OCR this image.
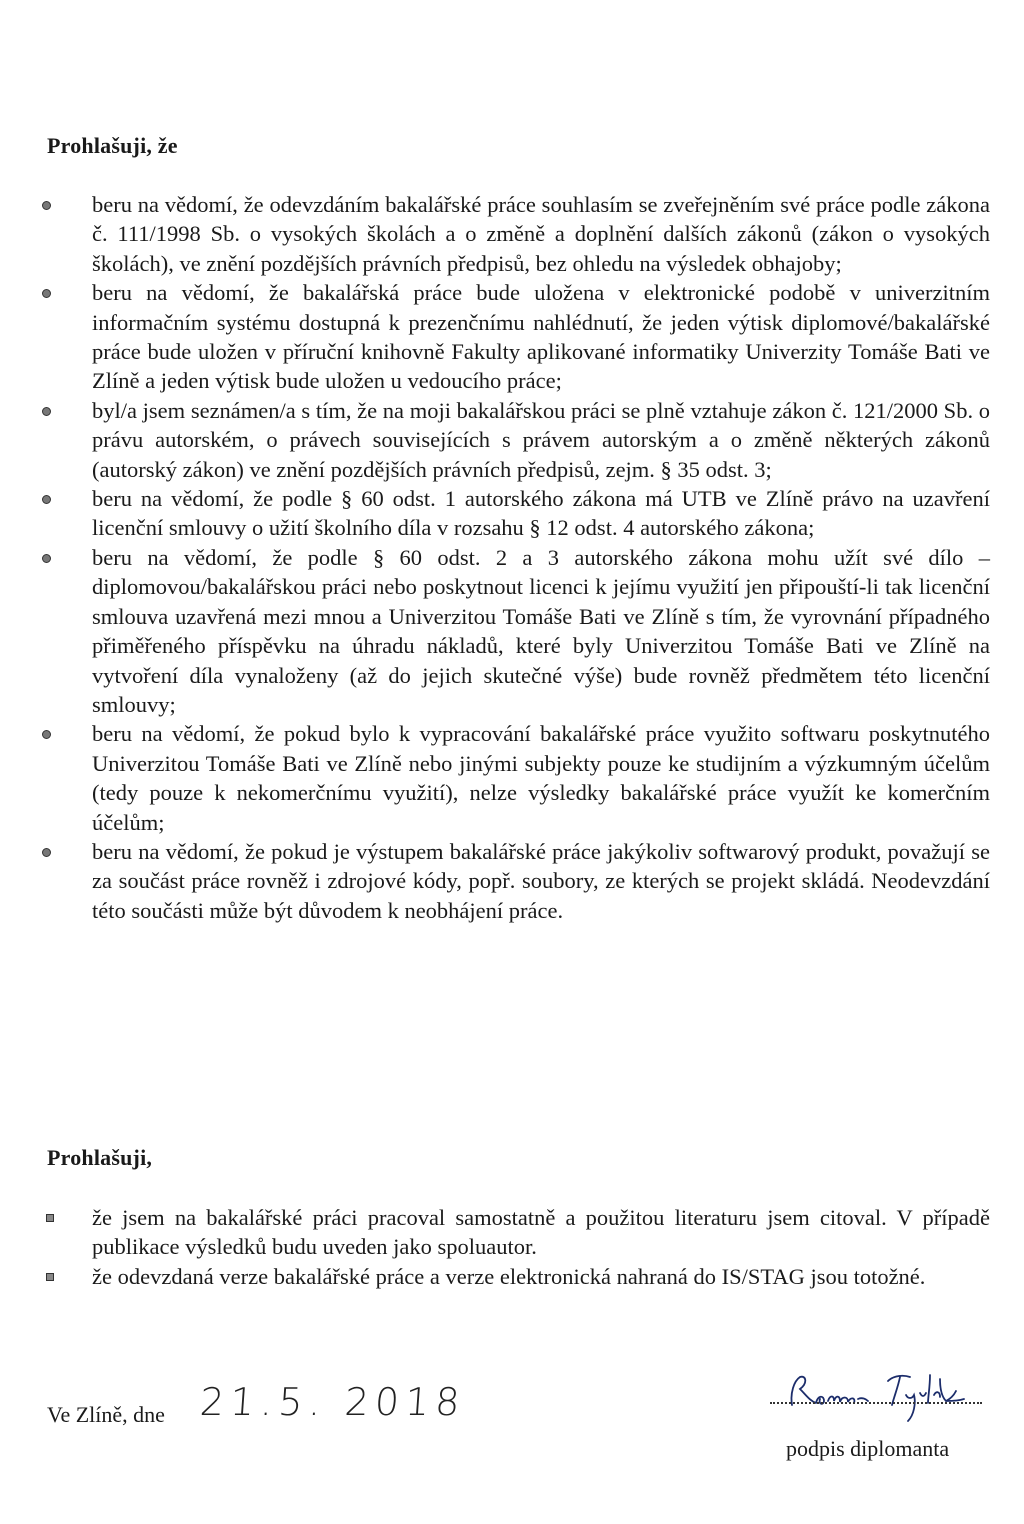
Prohlašuji, že
beru na vědomí, že odevzdáním bakalářské práce souhlasím se zveřejněním své práce podle zákona č. 111/1998 Sb. o vysokých školách a o změně a doplnění dalších zákonů (zákon o vysokých školách), ve znění pozdějších právních předpisů, bez ohledu na výsledek obhajoby;
beru na vědomí, že bakalářská práce bude uložena v elektronické podobě v univerzitním informačním systému dostupná k prezenčnímu nahlédnutí, že jeden výtisk diplomové/bakalářské práce bude uložen v příruční knihovně Fakulty aplikované informatiky Univerzity Tomáše Bati ve Zlíně a jeden výtisk bude uložen u vedoucího práce;
byl/a jsem seznámen/a s tím, že na moji bakalářskou práci se plně vztahuje zákon č. 121/2000 Sb. o právu autorském, o právech souvisejících s právem autorským a o změně některých zákonů (autorský zákon) ve znění pozdějších právních předpisů, zejm. § 35 odst. 3;
beru na vědomí, že podle § 60 odst. 1 autorského zákona má UTB ve Zlíně právo na uzavření licenční smlouvy o užití školního díla v rozsahu § 12 odst. 4 autorského zákona;
beru na vědomí, že podle § 60 odst. 2 a 3 autorského zákona mohu užít své dílo – diplomovou/bakalářskou práci nebo poskytnout licenci k jejímu využití jen připouští-li tak licenční smlouva uzavřená mezi mnou a Univerzitou Tomáše Bati ve Zlíně s tím, že vyrovnání případného přiměřeného příspěvku na úhradu nákladů, které byly Univerzitou Tomáše Bati ve Zlíně na vytvoření díla vynaloženy (až do jejich skutečné výše) bude rovněž předmětem této licenční smlouvy;
beru na vědomí, že pokud bylo k vypracování bakalářské práce využito softwaru poskytnutého Univerzitou Tomáše Bati ve Zlíně nebo jinými subjekty pouze ke studijním a výzkumným účelům (tedy pouze k nekomerčnímu využití), nelze výsledky bakalářské práce využít ke komerčním účelům;
beru na vědomí, že pokud je výstupem bakalářské práce jakýkoliv softwarový produkt, považují se za součást práce rovněž i zdrojové kódy, popř. soubory, ze kterých se projekt skládá. Neodevzdání této součásti může být důvodem k neobhájení práce.
Prohlašuji,
že jsem na bakalářské práci pracoval samostatně a použitou literaturu jsem citoval. V případě publikace výsledků budu uveden jako spoluautor.
že odevzdaná verze bakalářské práce a verze elektronická nahraná do IS/STAG jsou totožné.
Ve Zlíně, dne 21.5. 2018
podpis diplomanta
